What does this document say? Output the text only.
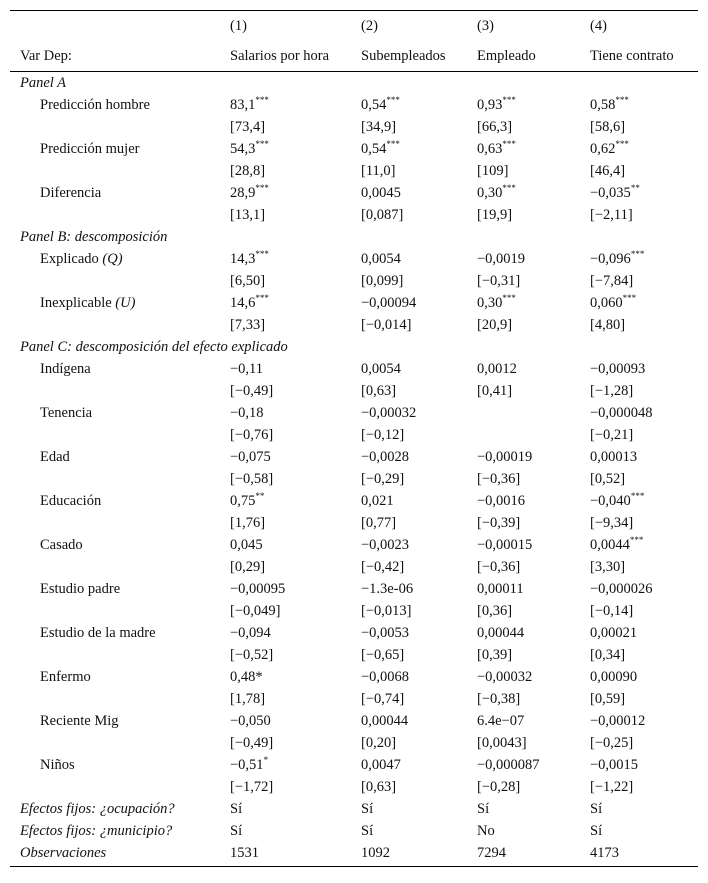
	(1)	(2)	(3)	(4)
Var Dep:	Salarios por hora	Subempleados	Empleado	Tiene contrato
Panel A				
Predicción hombre	83,1***	0,54***	0,93***	0,58***
	[73,4]	[34,9]	[66,3]	[58,6]
Predicción mujer	54,3***	0,54***	0,63***	0,62***
	[28,8]	[11,0]	[109]	[46,4]
Diferencia	28,9***	0,0045	0,30***	−0,035**
	[13,1]	[0,087]	[19,9]	[−2,11]
Panel B: descomposición				
Explicado (Q)	14,3***	0,0054	−0,0019	−0,096***
	[6,50]	[0,099]	[−0,31]	[−7,84]
Inexplicable (U)	14,6***	−0,00094	0,30***	0,060***
	[7,33]	[−0,014]	[20,9]	[4,80]
Panel C: descomposición del efecto explicado				
Indígena	−0,11	0,0054	0,0012	−0,00093
	[−0,49]	[0,63]	[0,41]	[−1,28]
Tenencia	−0,18	−0,00032		−0,000048
	[−0,76]	[−0,12]		[−0,21]
Edad	−0,075	−0,0028	−0,00019	0,00013
	[−0,58]	[−0,29]	[−0,36]	[0,52]
Educación	0,75**	0,021	−0,0016	−0,040***
	[1,76]	[0,77]	[−0,39]	[−9,34]
Casado	0,045	−0,0023	−0,00015	0,0044***
	[0,29]	[−0,42]	[−0,36]	[3,30]
Estudio padre	−0,00095	−1.3e-06	0,00011	−0,000026
	[−0,049]	[−0,013]	[0,36]	[−0,14]
Estudio de la madre	−0,094	−0,0053	0,00044	0,00021
	[−0,52]	[−0,65]	[0,39]	[0,34]
Enfermo	0,48*	−0,0068	−0,00032	0,00090
	[1,78]	[−0,74]	[−0,38]	[0,59]
Reciente Mig	−0,050	0,00044	6.4e−07	−0,00012
	[−0,49]	[0,20]	[0,0043]	[−0,25]
Niños	−0,51*	0,0047	−0,000087	−0,0015
	[−1,72]	[0,63]	[−0,28]	[−1,22]
Efectos fijos: ¿ocupación?	Sí	Sí	Sí	Sí
Efectos fijos: ¿municipio?	Sí	Sí	No	Sí
Observaciones	1531	1092	7294	4173
